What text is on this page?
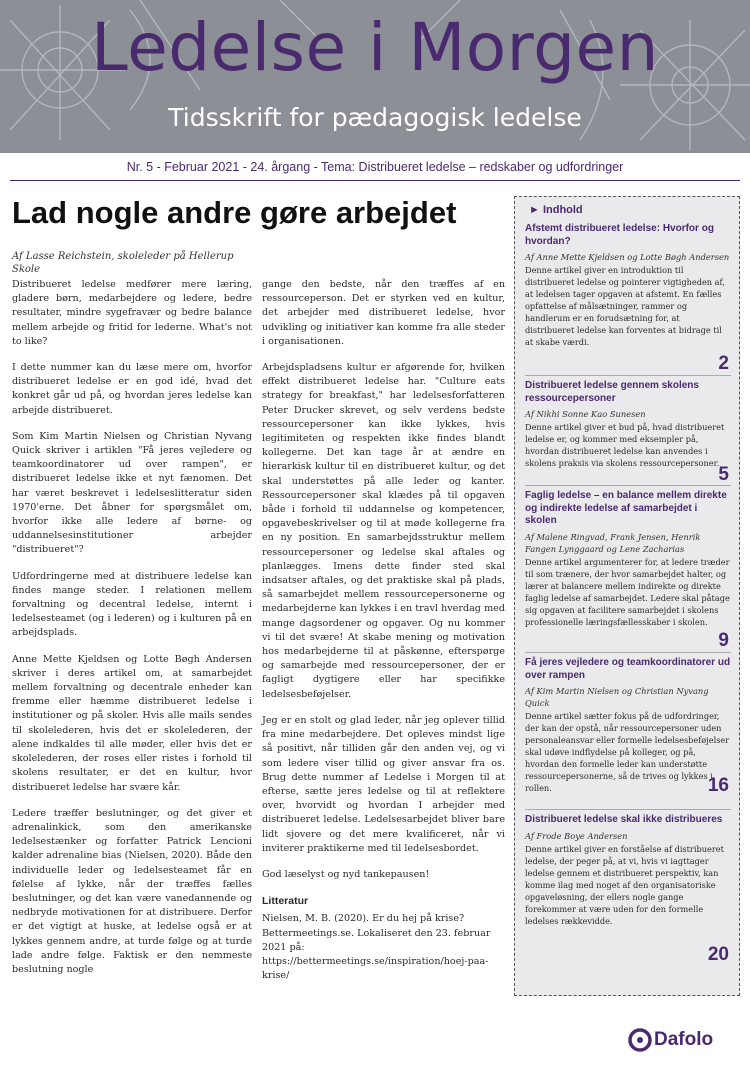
Ledelse i Morgen
Tidsskrift for pædagogisk ledelse
Nr. 5 - Februar 2021 - 24. årgang - Tema: Distribueret ledelse – redskaber og udfordringer
Lad nogle andre gøre arbejdet
Af Lasse Reichstein, skoleleder på Hellerup Skole

Distribueret ledelse medfører mere læring, gladere børn, medarbejdere og ledere, bedre resultater, mindre sygefravær og bedre balance mellem arbejde og fritid for lederne. What's not to like?

I dette nummer kan du læse mere om, hvorfor distribueret ledelse er en god idé, hvad det konkret går ud på, og hvordan jeres ledelse kan arbejde distribueret.

Som Kim Martin Nielsen og Christian Nyvang Quick skriver i artiklen "Få jeres vejledere og teamkoordinatorer ud over rampen", er distribueret ledelse ikke et nyt fænomen. Det har været beskrevet i ledelseslitteratur siden 1970'erne. Det åbner for spørgsmålet om, hvorfor ikke alle ledere af børne- og uddannelsesinstitutioner arbejder "distribueret"?

Udfordringerne med at distribuere ledelse kan findes mange steder. I relationen mellem forvaltning og decentral ledelse, internt i ledelsesteamet (og i lederen) og i kulturen på en arbejdsplads.

Anne Mette Kjeldsen og Lotte Bøgh Andersen skriver i deres artikel om, at samarbejdet mellem forvaltning og decentrale enheder kan fremme eller hæmme distribueret ledelse i institutioner og på skoler. Hvis alle mails sendes til skolelederen, hvis det er skolelederen, der alene indkaldes til alle møder, eller hvis det er skolelederen, der roses eller ristes i forhold til skolens resultater, er det en kultur, hvor distribueret ledelse har svære kår.

Ledere træffer beslutninger, og det giver et adrenalinkick, som den amerikanske ledelsestænker og forfatter Patrick Lencioni kalder adrenaline bias (Nielsen, 2020). Både den individuelle leder og ledelsesteamet får en følelse af lykke, når der træffes fælles beslutninger, og det kan være vanedannende og nedbryde motivationen for at distribuere. Derfor er det vigtigt at huske, at ledelse også er at lykkes gennem andre, at turde følge og at turde lade andre følge. Faktisk er den nemmeste beslutning nogle

gange den bedste, når den træffes af en ressourceperson. Det er styrken ved en kultur, det arbejder med distribueret ledelse, hvor udvikling og initiativer kan komme fra alle steder i organisationen.

Arbejdspladsens kultur er afgørende for, hvilken effekt distribueret ledelse har. "Culture eats strategy for breakfast," har ledelsesforfatteren Peter Drucker skrevet, og selv verdens bedste ressourcepersoner kan ikke lykkes, hvis legitimiteten og respekten ikke findes blandt kollegerne. Det kan tage år at ændre en hierarkisk kultur til en distribueret kultur, og det skal understøttes på alle leder og kanter. Ressourcepersoner skal klædes på til opgaven både i forhold til uddannelse og kompetencer, opgavebeskrivelser og til at møde kollegerne fra en ny position. En samarbejdsstruktur mellem ressourcepersoner og ledelse skal aftales og planlægges. Imens dette finder sted skal indsatser aftales, og det praktiske skal på plads, så samarbejdet mellem ressourcepersonerne og medarbejderne kan lykkes i en travl hverdag med mange dagsordener og opgaver. Og nu kommer vi til det svære! At skabe mening og motivation hos medarbejderne til at påskønne, efterspørge og samarbejde med ressourcepersoner, der er fagligt dygtigere eller har specifikke ledelsesbeføjelser.

Jeg er en stolt og glad leder, når jeg oplever tillid fra mine medarbejdere. Det opleves mindst lige så positivt, når tilliden går den anden vej, og vi som ledere viser tillid og giver ansvar fra os. Brug dette nummer af Ledelse i Morgen til at efterse, sætte jeres ledelse og til at reflektere over, hvorvidt og hvordan I arbejder med distribueret ledelse. Ledelsesarbejdet bliver bare lidt sjovere og det mere kvalificeret, når vi inviterer praktikerne med til ledelsesbordet.

God læselyst og nyd tankepausen!

Litteratur

Nielsen, M. B. (2020). Er du hej på krise? Bettermeetings.se. Lokaliseret den 23. februar 2021 på: https://bettermeetings.se/inspiration/hoej-paa-krise/

► Indhold
Afstemt distribueret ledelse: Hvorfor og hvordan?
Af Anne Mette Kjeldsen og Lotte Bøgh Andersen
Denne artikel giver en introduktion til distribueret ledelse og pointerer vigtigheden af, at ledelsen tager opgaven at afstemt. En fælles opfattelse af målsætninger, rammer og handlerum er en forudsætning for, at distribueret ledelse kan forventes at bidrage til at skabe værdi.
2
Distribueret ledelse gennem skolens ressourcepersoner
Af Nikhi Sonne Kao Sunesen
Denne artikel giver et bud på, hvad distribueret ledelse er, og kommer med eksempler på, hvordan distribueret ledelse kan anvendes i skolens praksis via skolens ressourcepersoner.
5
Faglig ledelse – en balance mellem direkte og indirekte ledelse af samarbejdet i skolen
Af Malene Ringvad, Frank Jensen, Henrik Fangen Lynggaard og Lene Zacharias
Denne artikel argumenterer for, at ledere træder til som trænere, der hvor samarbejdet halter, og lærer at balancere mellem indirekte og direkte faglig ledelse af samarbejdet. Ledere skal påtage sig opgaven at facilitere samarbejdet i skolens professionelle læringsfællesskaber i skolen.
9
Få jeres vejledere og teamkoordinatorer ud over rampen
Af Kim Martin Nielsen og Christian Nyvang Quick
Denne artikel sætter fokus på de udfordringer, der kan der opstå, når ressourcepersoner uden personaleansvar eller formelle ledelsesbeføjelser skal udøve indflydelse på kolleger, og på, hvordan den formelle leder kan understøtte ressourcepersonerne, så de trives og lykkes i rollen.	16
Distribueret ledelse skal ikke distribueres
Af Frode Boye Andersen
Denne artikel giver en forståelse af distribueret ledelse, der peger på, at vi, hvis vi iagttager ledelse gennem et distribueret perspektiv, kan komme ilag med noget af den organisatoriske opgaveløsning, der ellers nogle gange forekommer at være uden for den formelle ledelses rækkevidde.
20
Dafolo
